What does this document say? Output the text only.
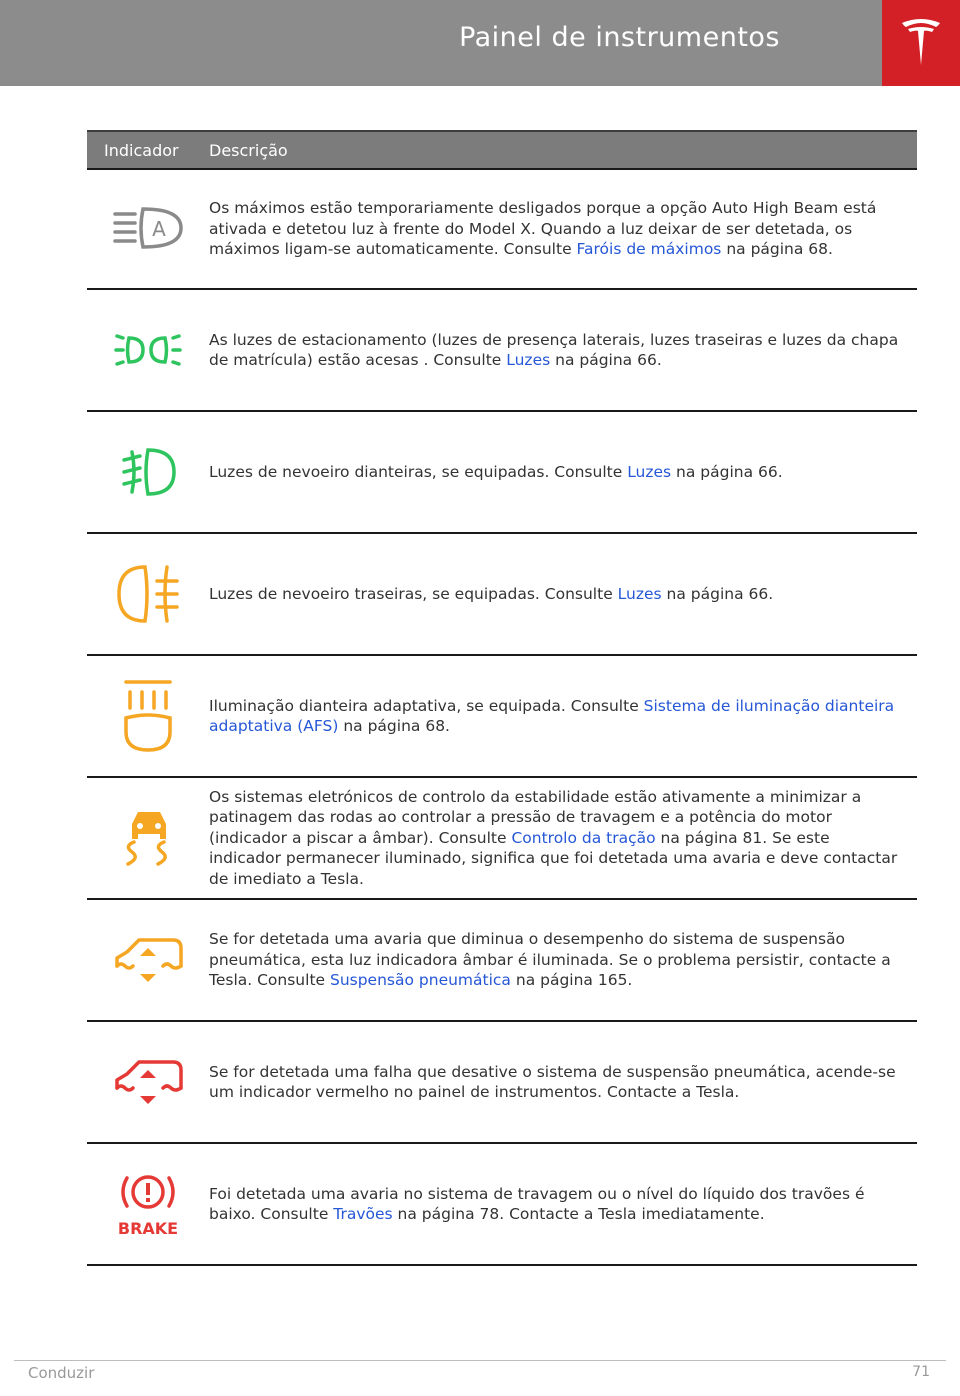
Painel de instrumentos
Indicador	Descrição
A
Os máximos estão temporariamente desligados porque a opção Auto High Beam está ativada e detetou luz à frente do Model X. Quando a luz deixar de ser detetada, os máximos ligam-se automaticamente. Consulte Faróis de máximos na página 68.
As luzes de estacionamento (luzes de presença laterais, luzes traseiras e luzes da chapa de matrícula) estão acesas . Consulte Luzes na página 66.
Luzes de nevoeiro dianteiras, se equipadas. Consulte Luzes na página 66.
Luzes de nevoeiro traseiras, se equipadas. Consulte Luzes na página 66.
Iluminação dianteira adaptativa, se equipada. Consulte Sistema de iluminação dianteira adaptativa (AFS) na página 68.
Os sistemas eletrónicos de controlo da estabilidade estão ativamente a minimizar a patinagem das rodas ao controlar a pressão de travagem e a potência do motor (indicador a piscar a âmbar). Consulte Controlo da tração na página 81. Se este indicador permanecer iluminado, significa que foi detetada uma avaria e deve contactar de imediato a Tesla.
Se for detetada uma avaria que diminua o desempenho do sistema de suspensão pneumática, esta luz indicadora âmbar é iluminada. Se o problema persistir, contacte a Tesla. Consulte Suspensão pneumática na página 165.
Se for detetada uma falha que desative o sistema de suspensão pneumática, acende-se um indicador vermelho no painel de instrumentos. Contacte a Tesla.
BRAKE
Foi detetada uma avaria no sistema de travagem ou o nível do líquido dos travões é baixo. Consulte Travões na página 78. Contacte a Tesla imediatamente.
Conduzir	71
